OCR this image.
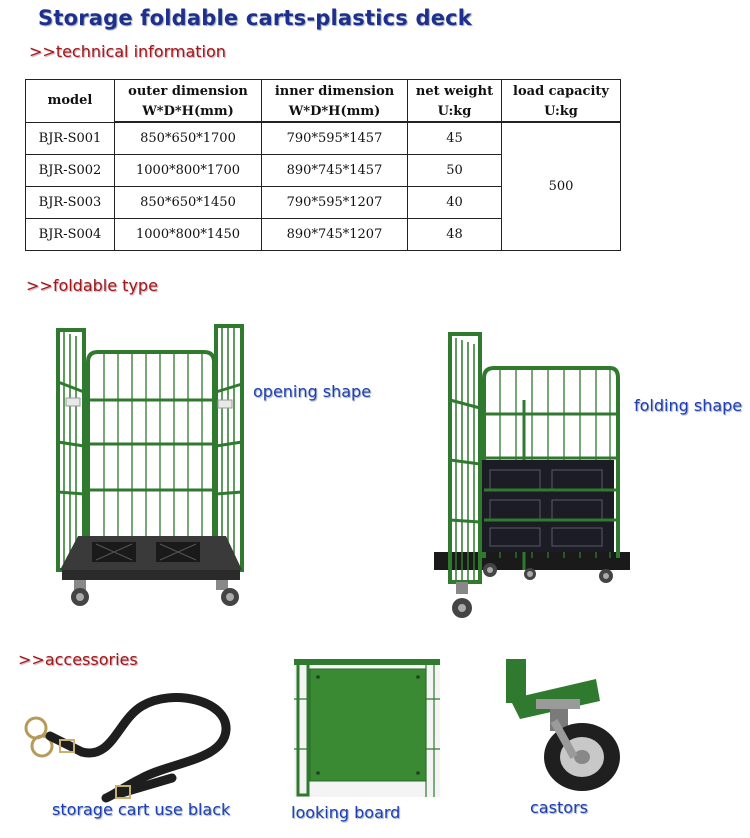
Storage foldable carts-plastics deck
>>technical information
model	outer dimension	inner dimension	net weight	load capacity
	W*D*H(mm)	W*D*H(mm)	U:kg	U:kg
BJR-S001	850*650*1700	790*595*1457	45	500
BJR-S002	1000*800*1700	890*745*1457	50	
BJR-S003	850*650*1450	790*595*1207	40	
BJR-S004	1000*800*1450	890*745*1207	48	
>>foldable type
opening shape
folding shape
>>accessories
storage cart use black	looking board	castors
